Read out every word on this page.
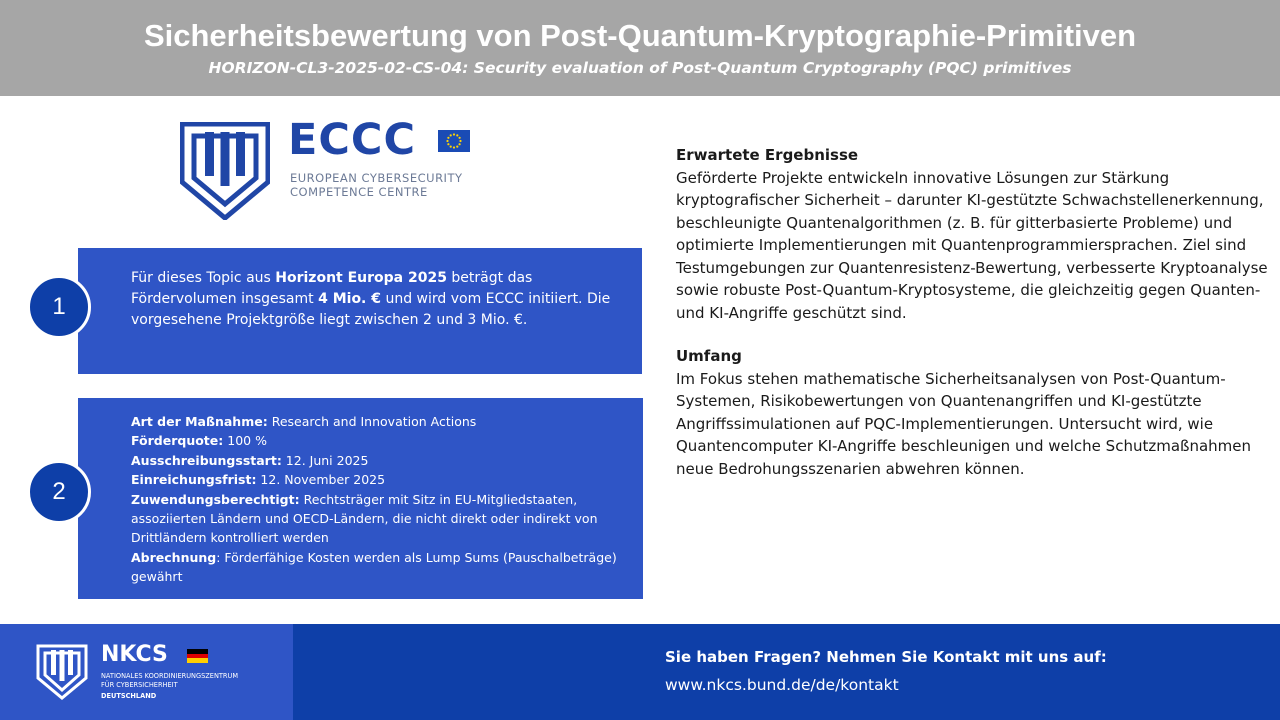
Sicherheitsbewertung von Post-Quantum-Kryptographie-Primitiven
HORIZON-CL3-2025-02-CS-04: Security evaluation of Post-Quantum Cryptography (PQC) primitives
ECCC
EUROPEAN CYBERSECURITY
COMPETENCE CENTRE
Für dieses Topic aus Horizont Europa 2025 beträgt das Fördervolumen insgesamt 4 Mio. € und wird vom ECCC initiiert. Die vorgesehene Projektgröße liegt zwischen 2 und 3 Mio. €.
1
Art der Maßnahme: Research and Innovation Actions
Förderquote: 100 %
Ausschreibungsstart: 12. Juni 2025
Einreichungsfrist: 12. November 2025
Zuwendungsberechtigt: Rechtsträger mit Sitz in EU-Mitgliedstaaten, assoziierten Ländern und OECD-Ländern, die nicht direkt oder indirekt von Drittländern kontrolliert werden
Abrechnung: Förderfähige Kosten werden als Lump Sums (Pauschalbeträge) gewährt
2
Erwartete Ergebnisse
Geförderte Projekte entwickeln innovative Lösungen zur Stärkung kryptografischer Sicherheit – darunter KI-gestützte Schwachstellenerkennung, beschleunigte Quantenalgorithmen (z. B. für gitterbasierte Probleme) und optimierte Implementierungen mit Quantenprogrammiersprachen. Ziel sind Testumgebungen zur Quantenresistenz-Bewertung, verbesserte Kryptoanalyse sowie robuste Post-Quantum-Kryptosysteme, die gleichzeitig gegen Quanten- und KI-Angriffe geschützt sind.
Umfang
Im Fokus stehen mathematische Sicherheitsanalysen von Post-Quantum-Systemen, Risikobewertungen von Quantenangriffen und KI-gestützte Angriffssimulationen auf PQC-Implementierungen. Untersucht wird, wie Quantencomputer KI-Angriffe beschleunigen und welche Schutzmaßnahmen neue Bedrohungsszenarien abwehren können.
NKCS
NATIONALES KOORDINIERUNGSZENTRUM
FÜR CYBERSICHERHEIT
DEUTSCHLAND
Sie haben Fragen? Nehmen Sie Kontakt mit uns auf:
www.nkcs.bund.de/de/kontakt
